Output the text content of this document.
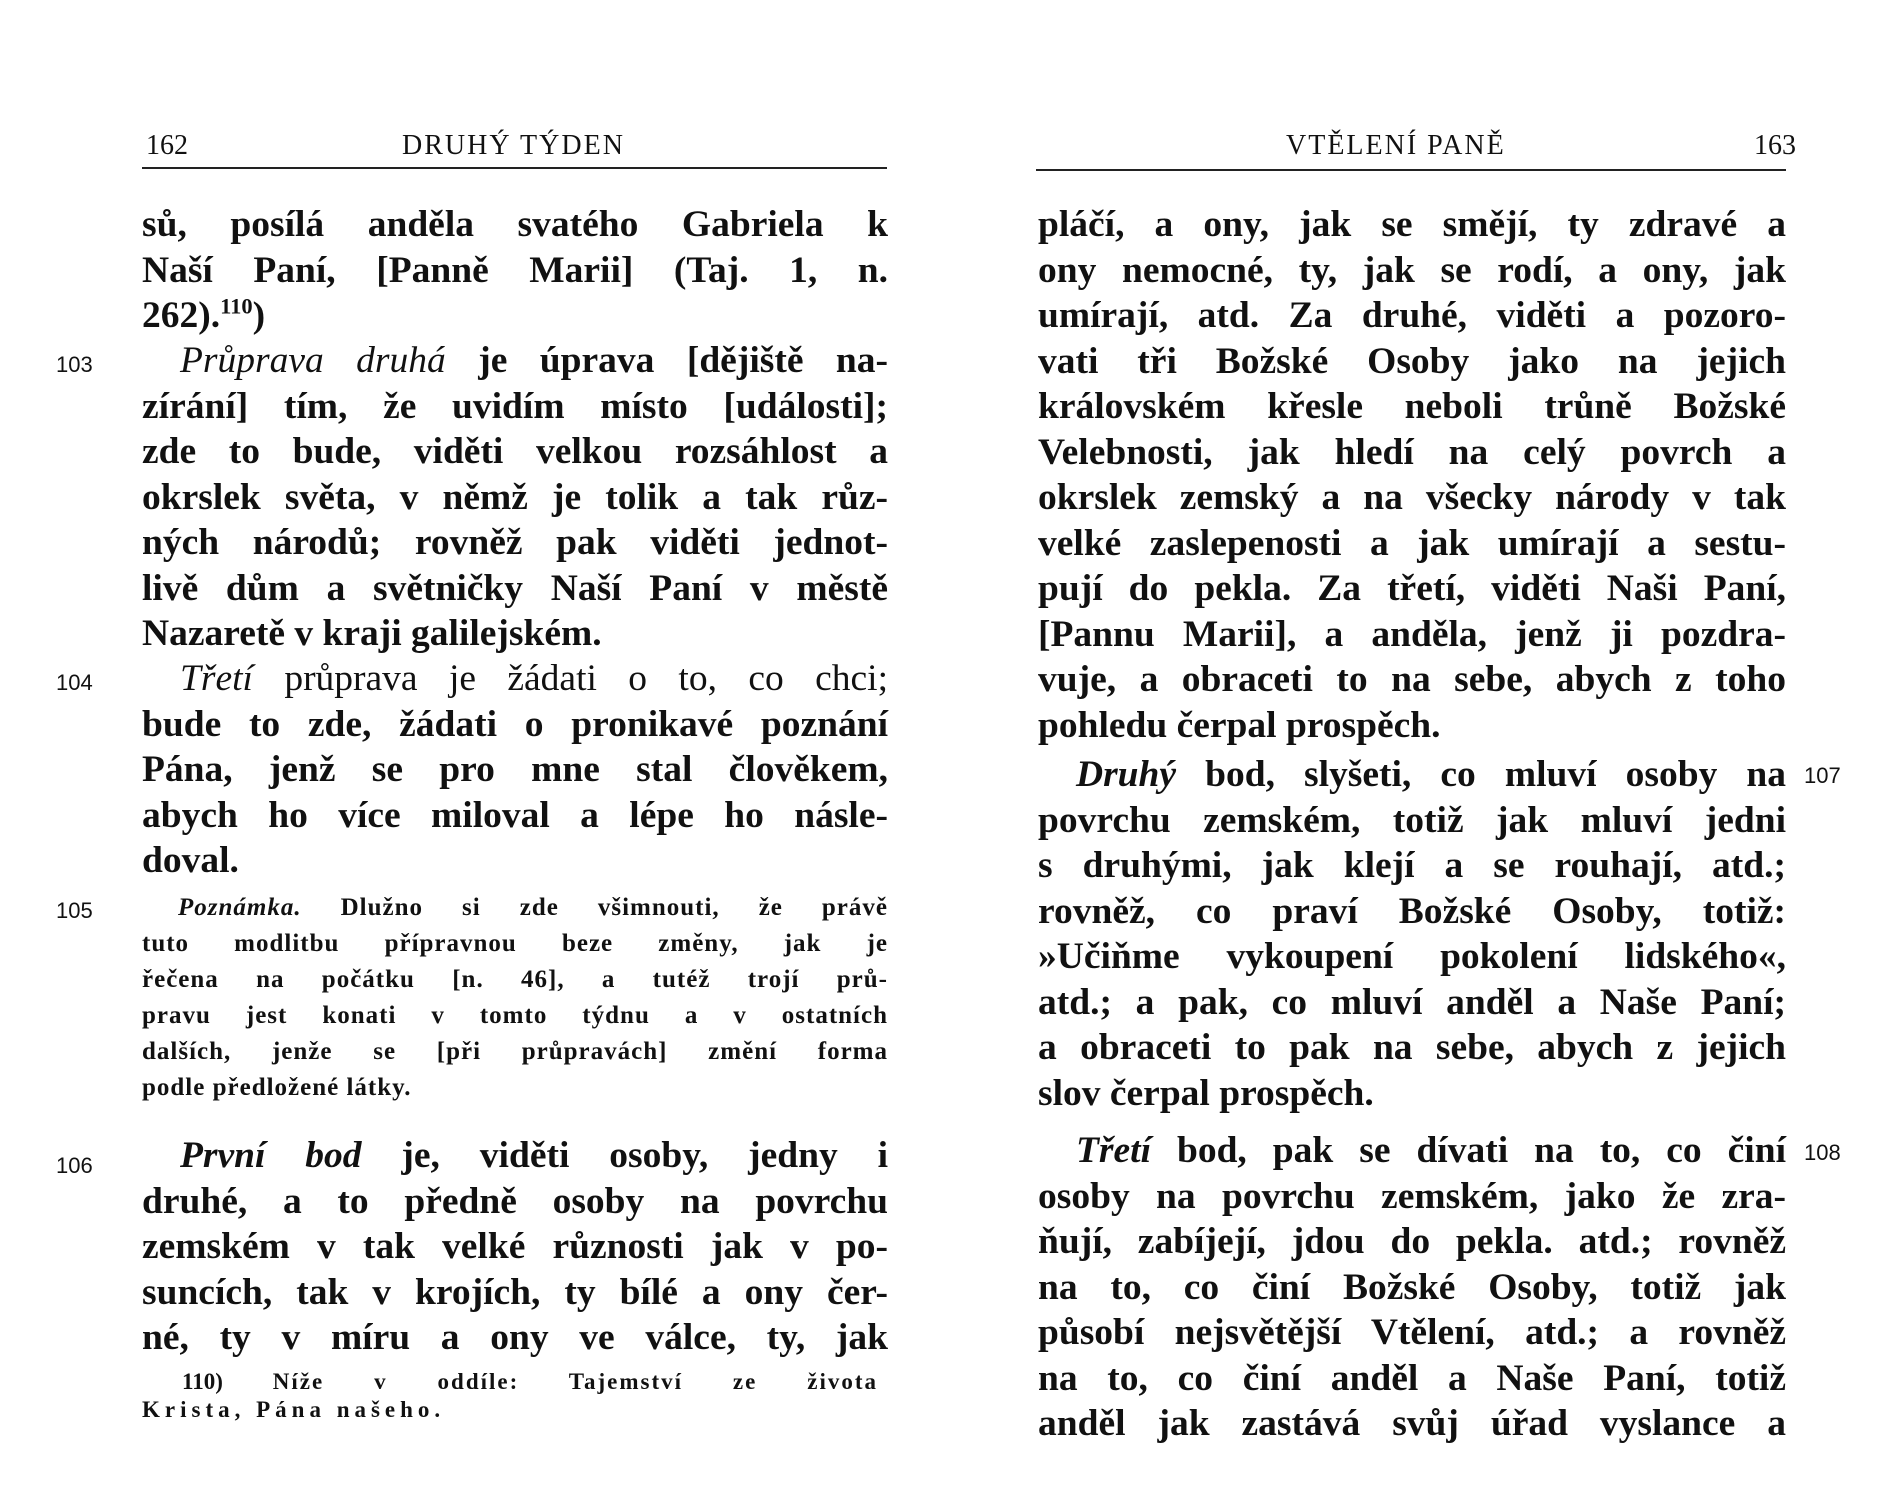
162	DRUHÝ TÝDEN
sů, posílá anděla svatého Gabriela k
Naší Paní, [Panně Marii] (Taj. 1, n.
262).$^{110}$)
103	Průprava druhá je úprava [dějiště na-
zírání] tím, že uvidím místo [události];
zde to bude, viděti velkou rozsáhlost a
okrslek světa, v němž je tolik a tak růz-
ných národů; rovněž pak viděti jednot-
livě dům a světničky Naší Paní v městě
Nazaretě v kraji galilejském.
104	Třetí průprava je žádati o to, co chci;
bude to zde, žádati o pronikavé poznání
Pána, jenž se pro mne stal člověkem,
abych ho více miloval a lépe ho násle-
doval.
105	Poznámka. Dlužno si zde všimnouti, že právě
tuto modlitbu přípravnou beze změny, jak je
řečena na počátku [n. 46], a tutéž trojí prů-
pravu jest konati v tomto týdnu a v ostatních
dalších, jenže se [při průpravách] změní forma
podle předložené látky.
106	První bod je, viděti osoby, jedny i
druhé, a to předně osoby na povrchu
zemském v tak velké různosti jak v po-
suncích, tak v krojích, ty bílé a ony čer-
né, ty v míru a ony ve válce, ty, jak
110) Níže v oddíle: Tajemství ze života
Krista, Pána našeho.
VTĚLENÍ PANĚ	163
pláčí, a ony, jak se smějí, ty zdravé a
ony nemocné, ty, jak se rodí, a ony, jak
umírají, atd. Za druhé, viděti a pozoro-
vati tři Božské Osoby jako na jejich
královském křesle neboli trůně Božské
Velebnosti, jak hledí na celý povrch a
okrslek zemský a na všecky národy v tak
velké zaslepenosti a jak umírají a sestu-
pují do pekla. Za třetí, viděti Naši Paní,
[Pannu Marii], a anděla, jenž ji pozdra-
vuje, a obraceti to na sebe, abych z toho
pohledu čerpal prospěch.
107
Druhý bod, slyšeti, co mluví osoby na
povrchu zemském, totiž jak mluví jedni
s druhými, jak klejí a se rouhají, atd.;
rovněž, co praví Božské Osoby, totiž:
»Učiňme vykoupení pokolení lidského«,
atd.; a pak, co mluví anděl a Naše Paní;
a obraceti to pak na sebe, abych z jejich
slov čerpal prospěch.
108
Třetí bod, pak se dívati na to, co činí
osoby na povrchu zemském, jako že zra-
ňují, zabíjejí, jdou do pekla. atd.; rovněž
na to, co činí Božské Osoby, totiž jak
působí nejsvětější Vtělení, atd.; a rovněž
na to, co činí anděl a Naše Paní, totiž
anděl jak zastává svůj úřad vyslance a
